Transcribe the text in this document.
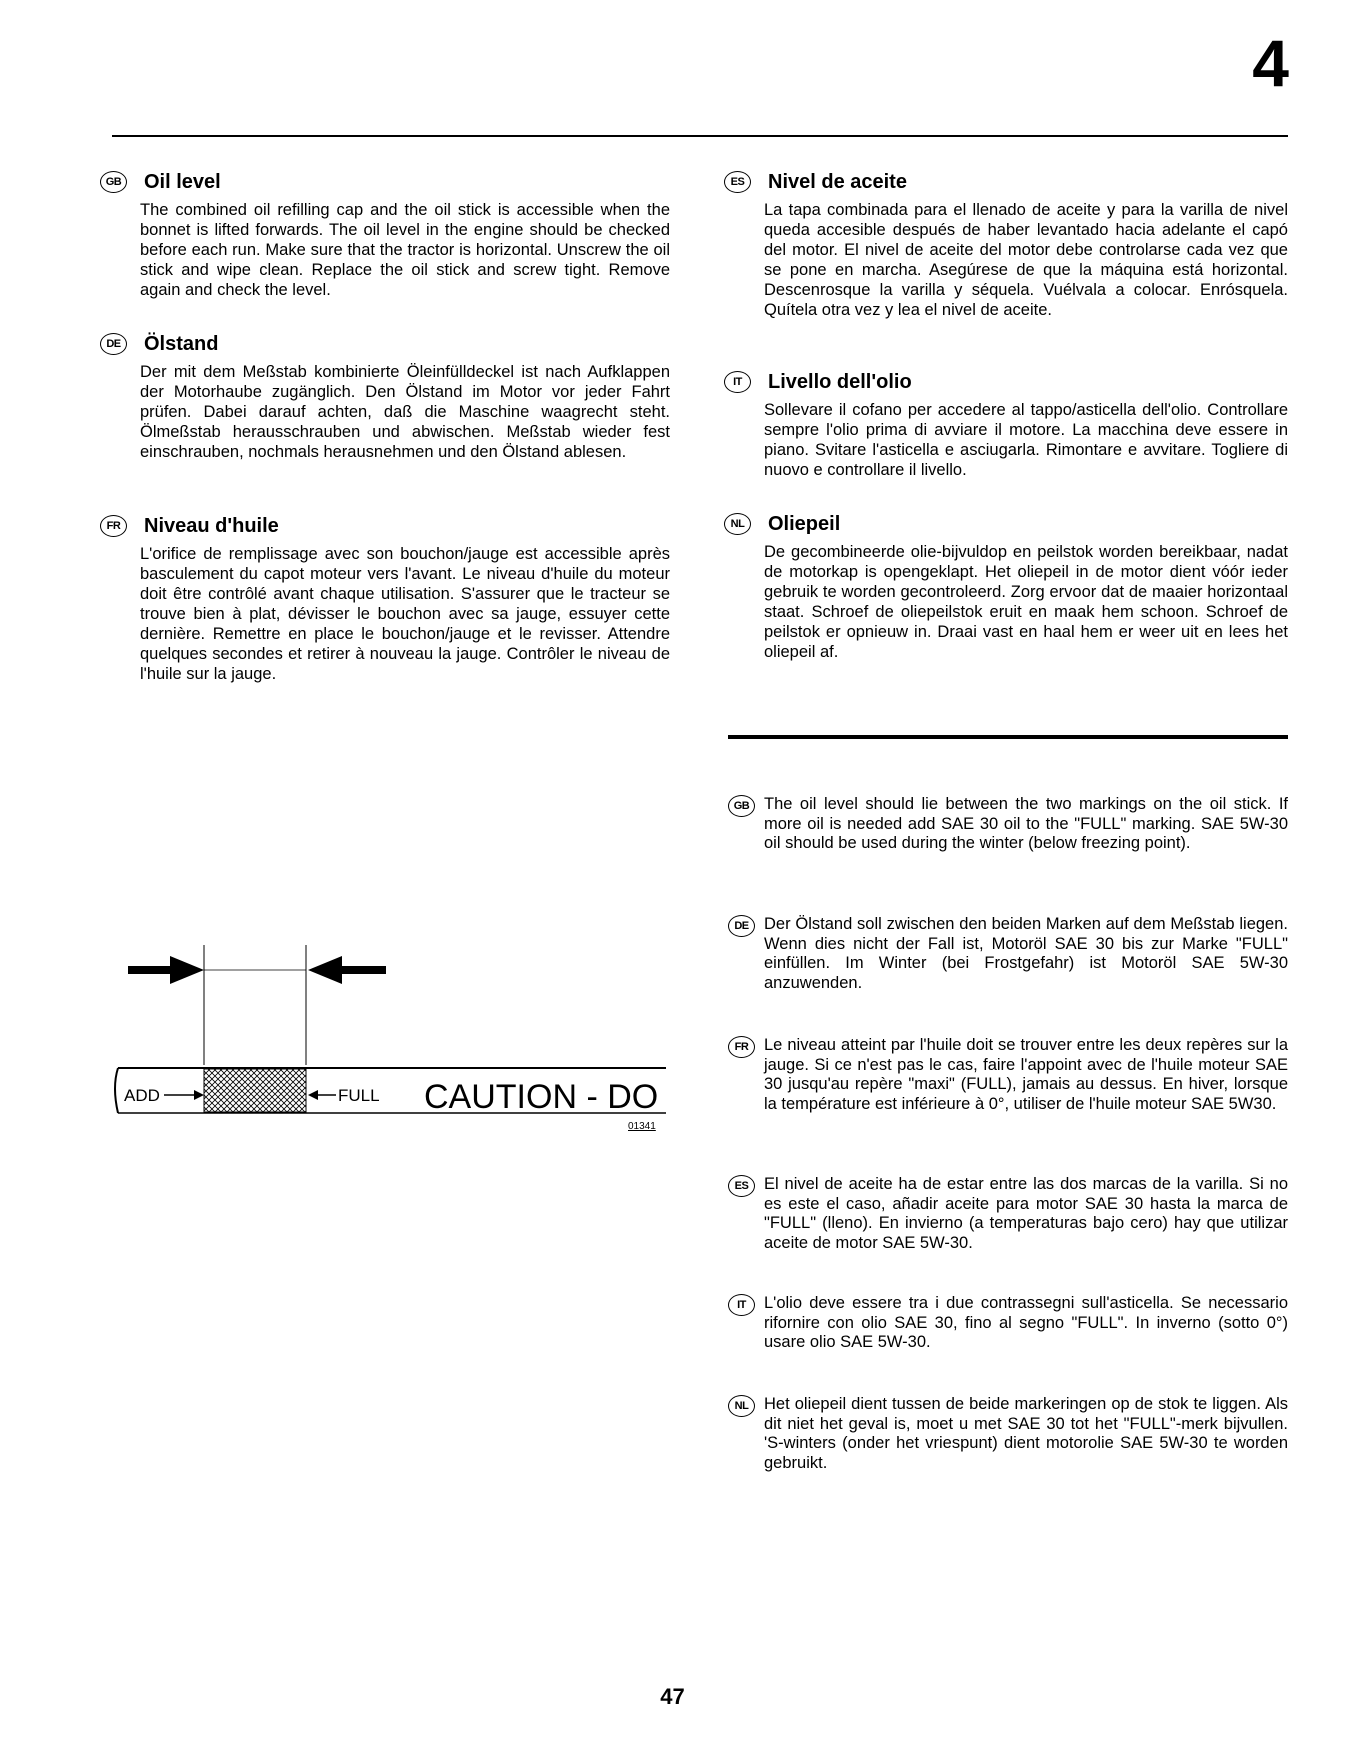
4
GB Oil level

The combined oil refilling cap and the oil stick is accessible when the bonnet is lifted forwards. The oil level in the engine should be checked before each run. Make sure that the tractor is horizontal. Unscrew the oil stick and wipe clean. Replace the oil stick and screw tight. Remove again and check the level.

DE	Ölstand

Der mit dem Meßstab kombinierte Öleinfülldeckel ist nach Aufklappen der Motorhaube zugänglich. Den Ölstand im Motor vor jeder Fahrt prüfen. Dabei darauf achten, daß die Maschine waagrecht steht. Ölmeßstab herausschrauben und abwischen. Meßstab wieder fest einschrauben, nochmals herausnehmen und den Ölstand ablesen.

FR	Niveau d'huile

L'orifice de remplissage avec son bouchon/jauge est accessible après basculement du capot moteur vers l'avant. Le niveau d'huile du moteur doit être contrôlé avant chaque utilisation. S'assurer que le tracteur se trouve bien à plat, dévisser le bouchon avec sa jauge, essuyer cette dernière. Remettre en place le bouchon/jauge et le revisser. Attendre quelques secondes et retirer à nouveau la jauge. Contrôler le niveau de l'huile sur la jauge.

ES	Nivel de aceite

La tapa combinada para el llenado de aceite y para la varilla de nivel queda accesible después de haber levantado hacia adelante el capó del motor. El nivel de aceite del motor debe controlarse cada vez que se pone en marcha. Asegúrese de que la máquina está horizontal. Descenrosque la varilla y séquela. Vuélvala a colocar. Enrósquela. Quítela otra vez y lea el nivel de aceite.

IT	Livello dell'olio

Sollevare il cofano per accedere al tappo/asticella dell'olio. Controllare sempre l'olio prima di avviare il motore. La macchina deve essere in piano. Svitare l'asticella e asciugarla. Rimontare e avvitare. Togliere di nuovo e controllare il livello.

NL	Oliepeil

De gecombineerde olie-bijvuldop en peilstok worden bereikbaar, nadat de motorkap is opengeklapt. Het oliepeil in de motor dient vóór ieder gebruik te worden gecontroleerd. Zorg ervoor dat de maaier horizontaal staat. Schroef de oliepeilstok eruit en maak hem schoon. Schroef de peilstok er opnieuw in. Draai vast en haal hem er weer uit en lees het oliepeil af.

GB The oil level should lie between the two markings on the oil stick. If more oil is needed add SAE 30 oil to the "FULL" marking. SAE 5W-30 oil should be used during the winter (below freezing point).

DE Der Ölstand soll zwischen den beiden Marken auf dem Meßstab liegen. Wenn dies nicht der Fall ist, Motoröl SAE 30 bis zur Marke "FULL" einfüllen. Im Winter (bei Frostgefahr) ist Motoröl SAE 5W-30 anzuwenden.

FR Le niveau atteint par l'huile doit se trouver entre les deux repères sur la jauge. Si ce n'est pas le cas, faire l'appoint avec de l'huile moteur SAE 30 jusqu'au repère "maxi" (FULL), jamais au dessus. En hiver, lorsque la température est inférieure à 0°, utiliser de l'huile moteur SAE 5W30.

ES El nivel de aceite ha de estar entre las dos marcas de la varilla. Si no es este el caso, añadir aceite para motor SAE 30 hasta la marca de "FULL" (lleno). En invierno (a temperaturas bajo cero) hay que utilizar aceite de motor SAE 5W-30.

IT	L'olio deve essere tra i due contrassegni sull'asticella. Se necessario rifornire con olio SAE 30, fino al segno "FULL". In inverno (sotto 0°) usare olio SAE 5W-30.

NL Het oliepeil dient tussen de beide markeringen op de stok te liggen. Als dit niet het geval is, moet u met SAE 30 tot het "FULL"-merk bijvullen. 'S-winters (onder het vriespunt) dient motorolie SAE 5W-30 te worden gebruikt.

ADD	FULL CAUTION - DO
01341
47
